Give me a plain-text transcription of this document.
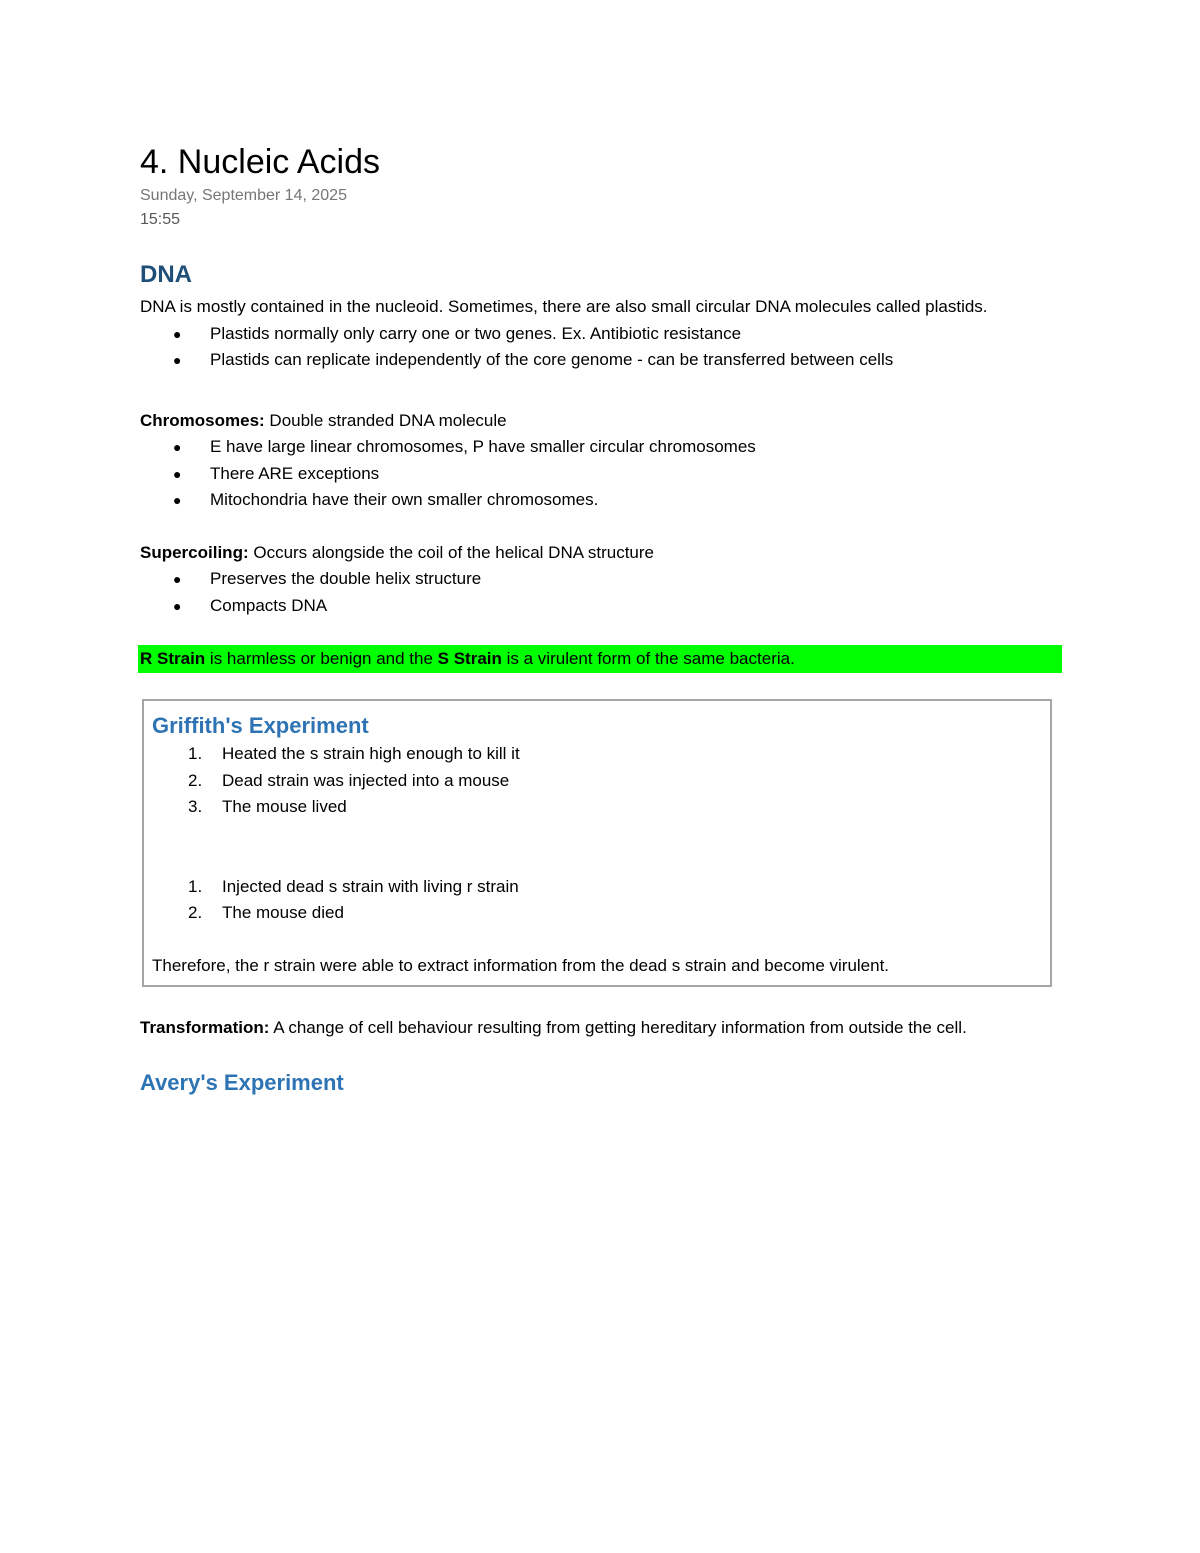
4. Nucleic Acids
Sunday, September 14, 2025
15:55
DNA

DNA is mostly contained in the nucleoid. Sometimes, there are also small circular DNA molecules called plastids.

● Plastids normally only carry one or two genes. Ex. Antibiotic resistance
● Plastids can replicate independently of the core genome - can be transferred between cells

Chromosomes: Double stranded DNA molecule

● E have large linear chromosomes, P have smaller circular chromosomes
● There ARE exceptions
● Mitochondria have their own smaller chromosomes.

Supercoiling: Occurs alongside the coil of the helical DNA structure

● Preserves the double helix structure
● Compacts DNA
R Strain is harmless or benign and the S Strain is a virulent form of the same bacteria.
Griffith's Experiment
1. Heated the s strain high enough to kill it
2. Dead strain was injected into a mouse
3. The mouse lived
1. Injected dead s strain with living r strain
2. The mouse died

Therefore, the r strain were able to extract information from the dead s strain and become virulent.

Transformation: A change of cell behaviour resulting from getting hereditary information from outside the cell.

Avery's Experiment
